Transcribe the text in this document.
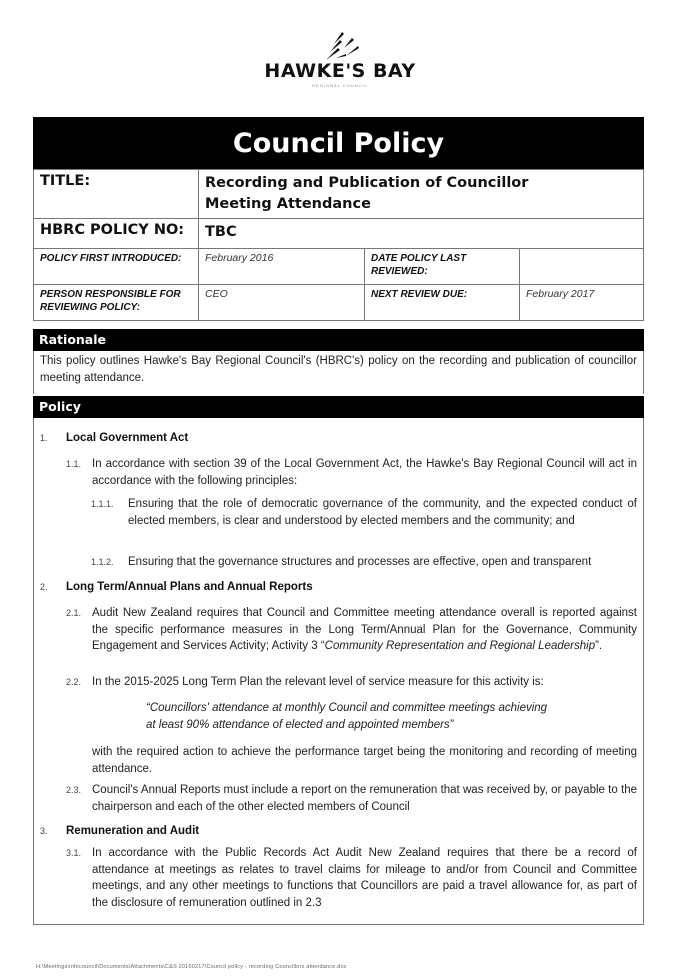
HAWKE'S BAY
REGIONAL COUNCIL
Council Policy
TITLE:	Recording and Publication of Councillor Meeting Attendance		

HBRC POLICY NO:	TBC		

POLICY FIRST INTRODUCED:	February 2016	DATE POLICY LAST REVIEWED:	

PERSON RESPONSIBLE FOR REVIEWING POLICY:	CEO	NEXT REVIEW DUE:	February 2017
Rationale
This policy outlines Hawke's Bay Regional Council's (HBRC's) policy on the recording and publication of councillor meeting attendance.
Policy
1. Local Government Act
1.1. In accordance with section 39 of the Local Government Act, the Hawke's Bay Regional Council will act in accordance with the following principles:
1.1.1. Ensuring that the role of democratic governance of the community, and the expected conduct of elected members, is clear and understood by elected members and the community; and
1.1.2. Ensuring that the governance structures and processes are effective, open and transparent
2. Long Term/Annual Plans and Annual Reports
2.1. Audit New Zealand requires that Council and Committee meeting attendance overall is reported against the specific performance measures in the Long Term/Annual Plan for the Governance, Community Engagement and Services Activity; Activity 3 “Community Representation and Regional Leadership”.
2.2. In the 2015-2025 Long Term Plan the relevant level of service measure for this activity is:
“Councillors' attendance at monthly Council and committee meetings achieving at least 90% attendance of elected and appointed members”
with the required action to achieve the performance target being the monitoring and recording of meeting attendance.
2.3. Council's Annual Reports must include a report on the remuneration that was received by, or payable to the chairperson and each of the other elected members of Council
3. Remuneration and Audit
3.1. In accordance with the Public Records Act Audit New Zealand requires that there be a record of attendance at meetings as relates to travel claims for mileage to and/or from Council and Committee meetings, and any other meetings to functions that Councillors are paid a travel allowance for, as part of the disclosure of remuneration outlined in 2.3
H:\Meetings\infocouncil\Documents\Attachments\C&S 20160217\Council policy - recording Councillors attendance.doc
